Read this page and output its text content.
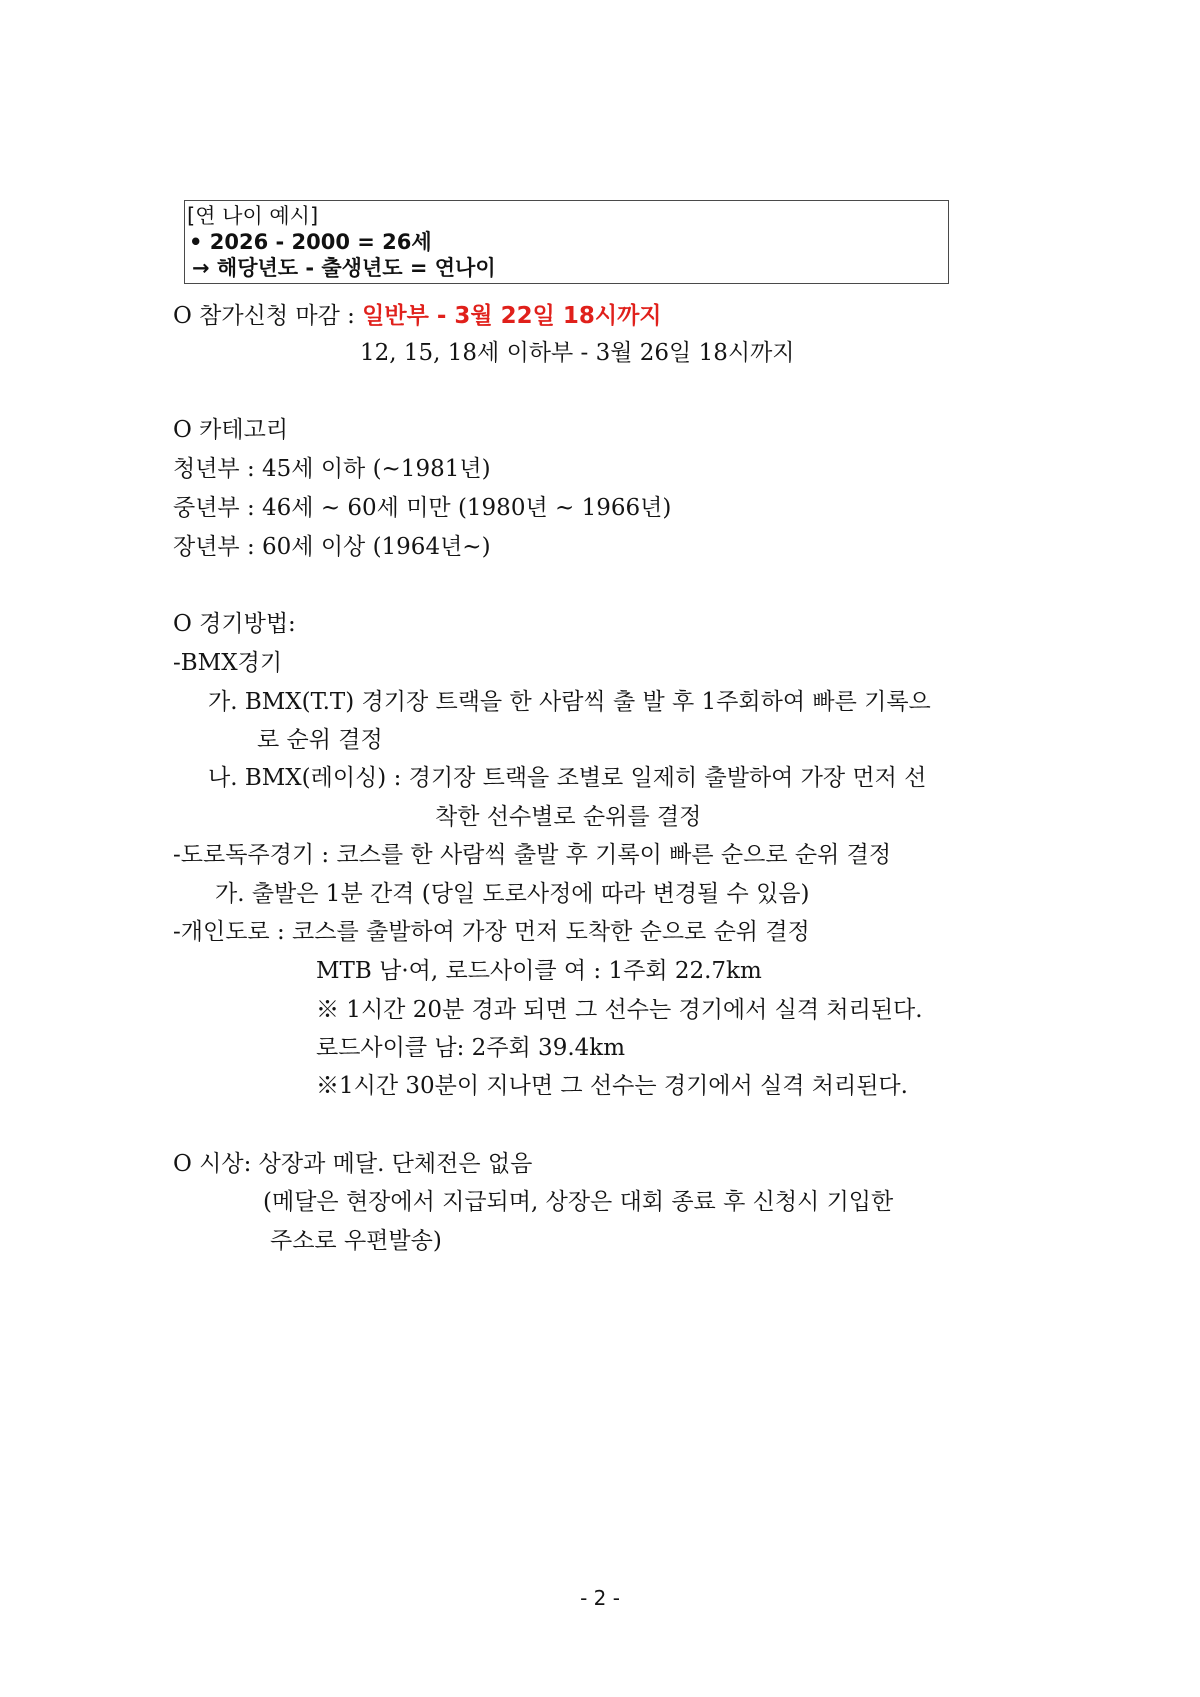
[연 나이 예시]
• 2026 - 2000 = 26세
→ 해당년도 - 출생년도 = 연나이
O 참가신청 마감 : 일반부 - 3월 22일 18시까지
12, 15, 18세 이하부 - 3월 26일 18시까지
O 카테고리
청년부 : 45세 이하 (~1981년)
중년부 : 46세 ~ 60세 미만 (1980년 ~ 1966년)
장년부 : 60세 이상 (1964년~)
O 경기방법:
-BMX경기
가. BMX(T.T) 경기장 트랙을 한 사람씩 출 발 후 1주회하여 빠른 기록으
로 순위 결정
나. BMX(레이싱) : 경기장 트랙을 조별로 일제히 출발하여 가장 먼저 선
착한 선수별로 순위를 결정
-도로독주경기 : 코스를 한 사람씩 출발 후 기록이 빠른 순으로 순위 결정
가. 출발은 1분 간격 (당일 도로사정에 따라 변경될 수 있음)
-개인도로 : 코스를 출발하여 가장 먼저 도착한 순으로 순위 결정
MTB 남·여, 로드사이클 여 : 1주회 22.7km
※ 1시간 20분 경과 되면 그 선수는 경기에서 실격 처리된다.
로드사이클 남: 2주회 39.4km
※1시간 30분이 지나면 그 선수는 경기에서 실격 처리된다.
O 시상: 상장과 메달. 단체전은 없음
(메달은 현장에서 지급되며, 상장은 대회 종료 후 신청시 기입한
주소로 우편발송)
- 2 -
